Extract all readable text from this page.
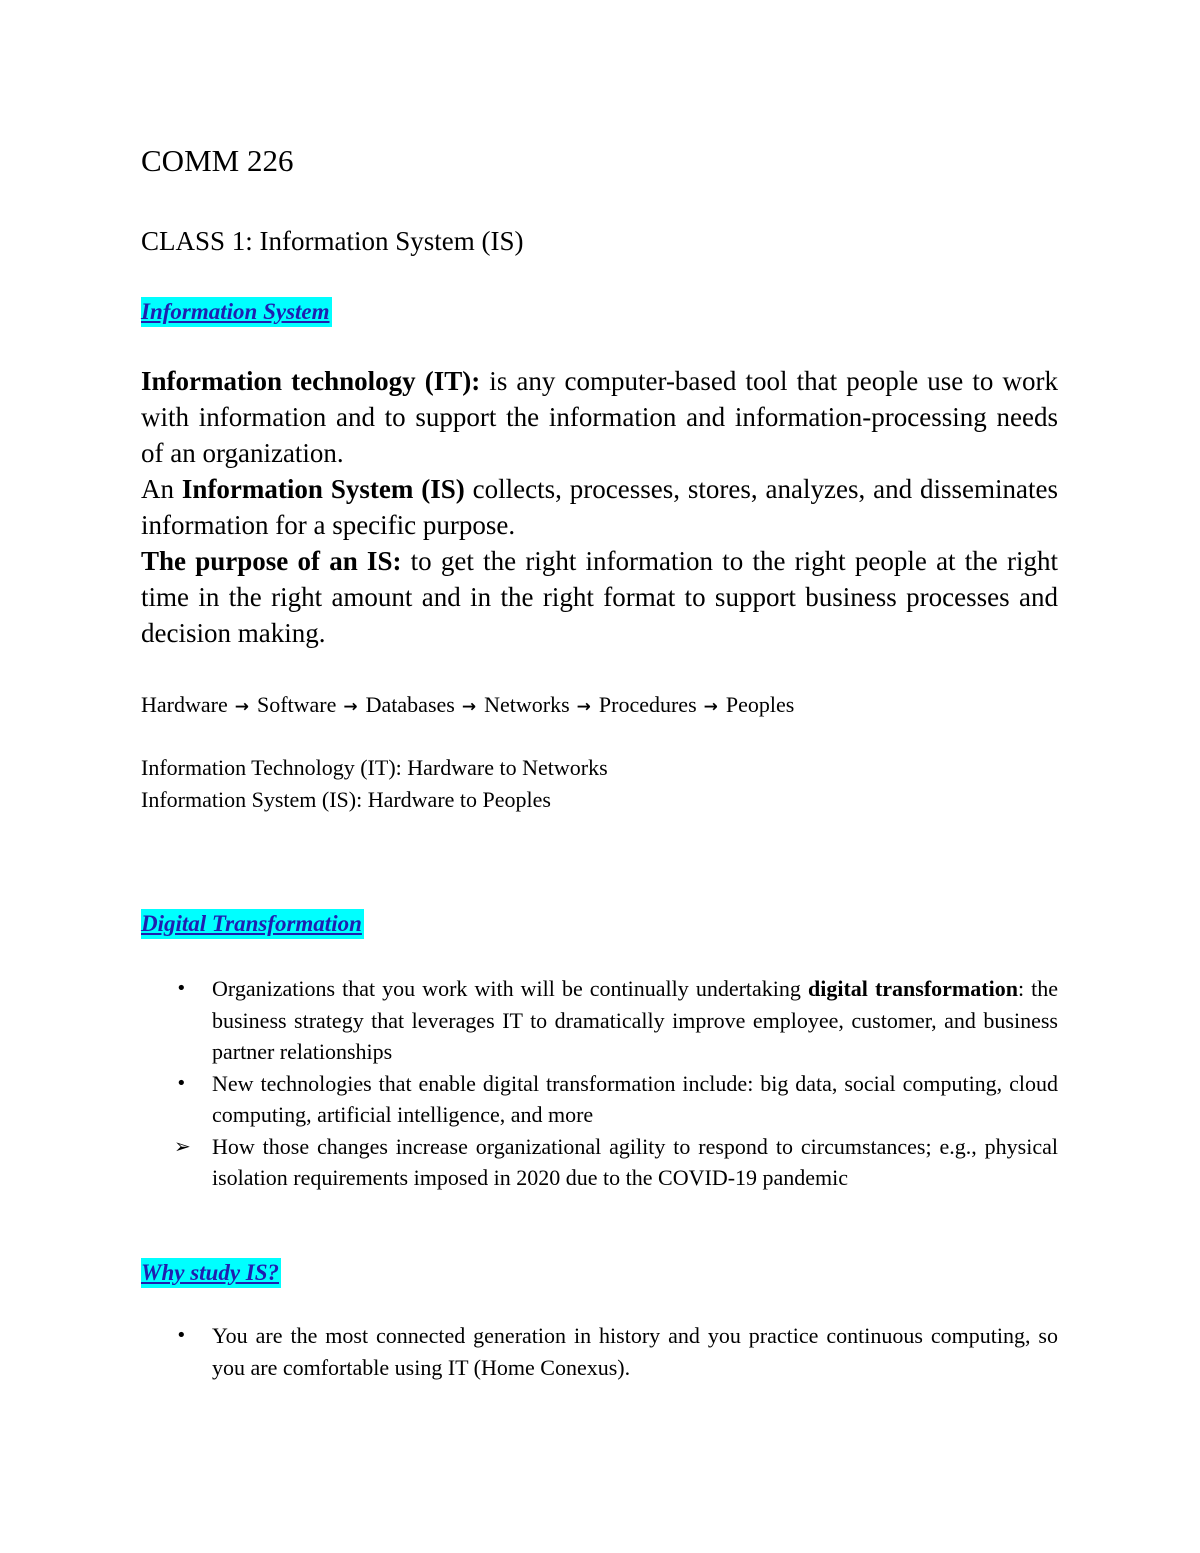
COMM 226
CLASS 1: Information System (IS)
Information System

Information technology (IT): is any computer-based tool that people use to work with information and to support the information and information-processing needs of an organization.

An Information System (IS) collects, processes, stores, analyzes, and disseminates information for a specific purpose.

The purpose of an IS: to get the right information to the right people at the right time in the right amount and in the right format to support business processes and decision making.

Hardware → Software → Databases → Networks → Procedures → Peoples
Information Technology (IT): Hardware to Networks
Information System (IS): Hardware to Peoples
Digital Transformation
• Organizations that you work with will be continually undertaking digital transformation: the business strategy that leverages IT to dramatically improve employee, customer, and business partner relationships
• New technologies that enable digital transformation include: big data, social computing, cloud computing, artificial intelligence, and more
➢ How those changes increase organizational agility to respond to circumstances; e.g., physical isolation requirements imposed in 2020 due to the COVID-19 pandemic
Why study IS?
• You are the most connected generation in history and you practice continuous computing, so you are comfortable using IT (Home Conexus).
